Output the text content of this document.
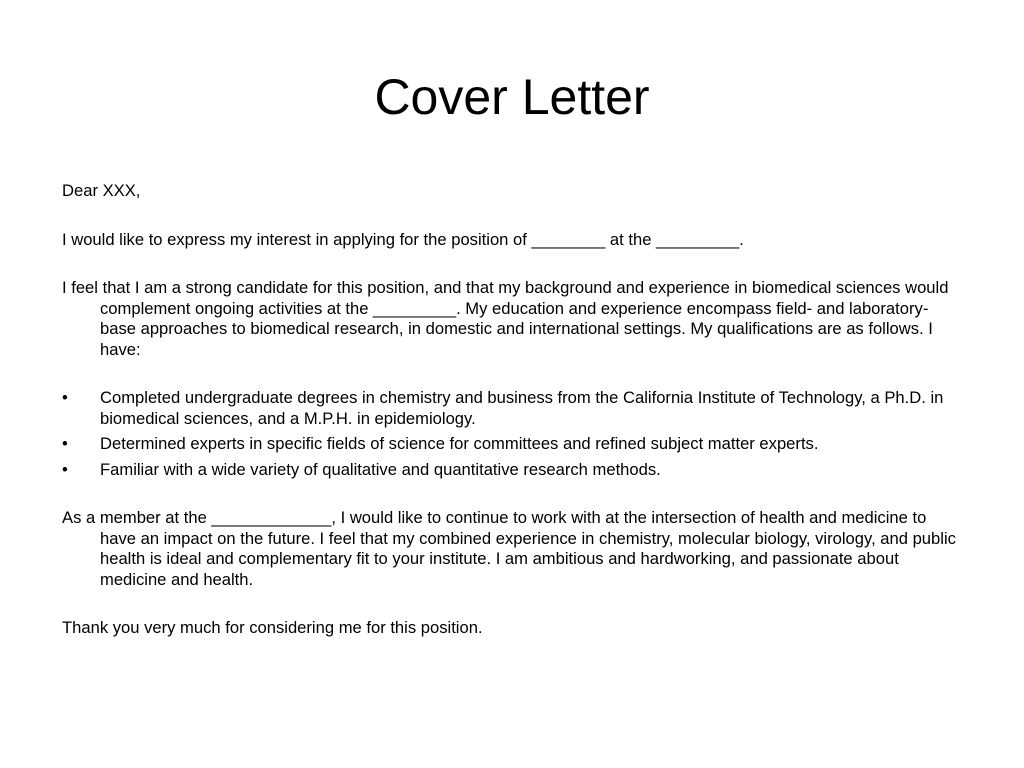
Cover Letter

Dear XXX,

I would like to express my interest in applying for the position of ________ at the _________.

I feel that I am a strong candidate for this position, and that my background and experience in biomedical sciences would complement ongoing activities at the _________. My education and experience encompass field- and laboratory-base approaches to biomedical research, in domestic and international settings. My qualifications are as follows. I have:

•	Completed undergraduate degrees in chemistry and business from the California Institute of Technology, a Ph.D. in biomedical sciences, and a M.P.H. in epidemiology.
•	Determined experts in specific fields of science for committees and refined subject matter experts.
•	Familiar with a wide variety of qualitative and quantitative research methods.

As a member at the _____________, I would like to continue to work with at the intersection of health and medicine to have an impact on the future. I feel that my combined experience in chemistry, molecular biology, virology, and public health is ideal and complementary fit to your institute. I am ambitious and hardworking, and passionate about medicine and health.

Thank you very much for considering me for this position.
